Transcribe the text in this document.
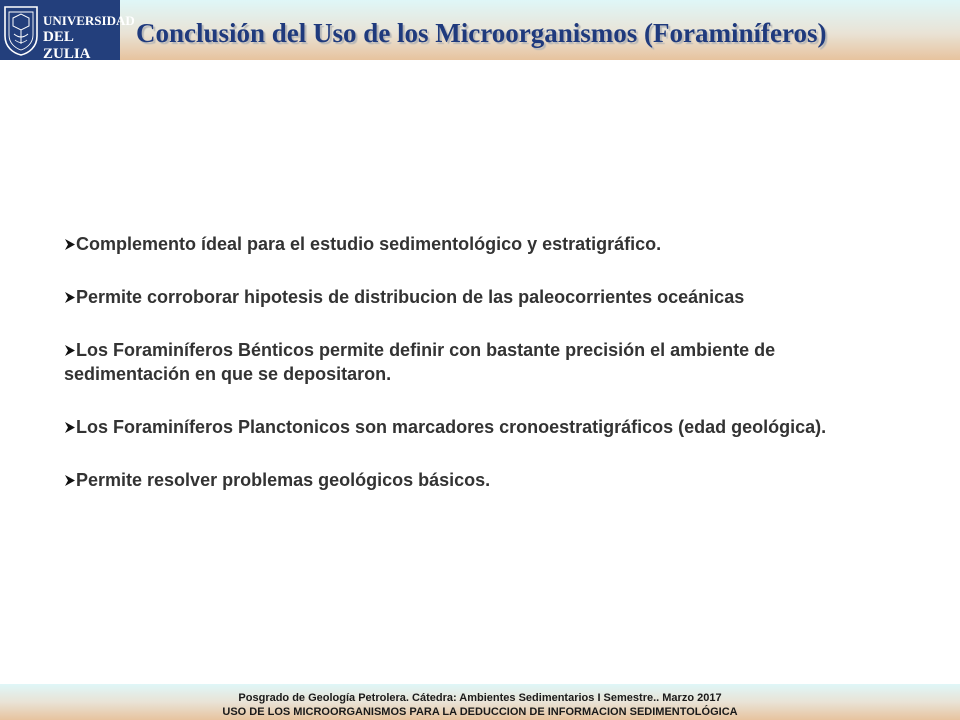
UNIVERSIDAD
DEL ZULIA
Conclusión del Uso de los Microorganismos (Foraminíferos)
Complemento ídeal para el estudio sedimentológico y estratigráfico.
Permite corroborar hipotesis de distribucion de las paleocorrientes oceánicas
Los Foraminíferos Bénticos permite definir con bastante precisión el ambiente de sedimentación en que se depositaron.
Los Foraminíferos Planctonicos son marcadores cronoestratigráficos (edad geológica).
Permite resolver problemas geológicos básicos.
Posgrado de Geología Petrolera. Cátedra: Ambientes Sedimentarios I Semestre.. Marzo 2017
USO DE LOS MICROORGANISMOS PARA LA DEDUCCION DE INFORMACION SEDIMENTOLÓGICA
